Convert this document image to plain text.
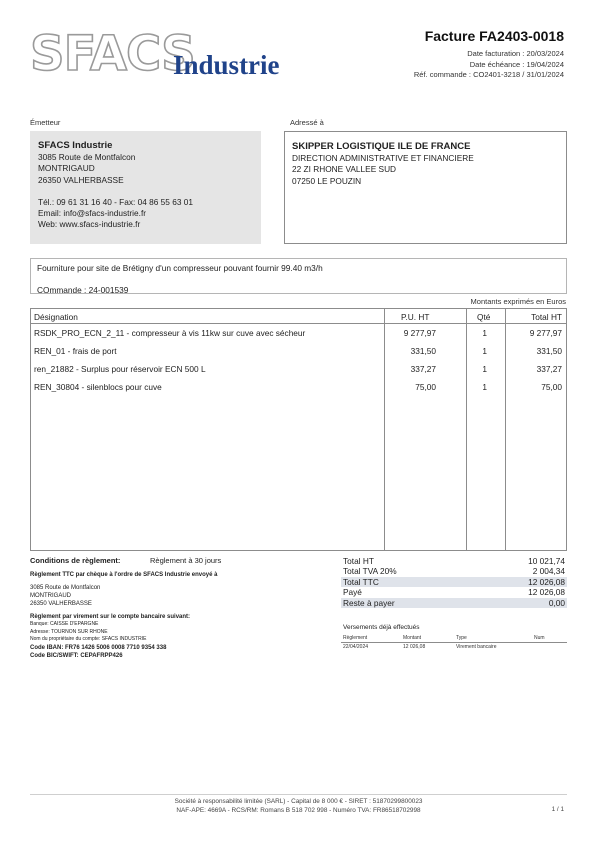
SFACS
Industrie
Facture FA2403-0018
Date facturation : 20/03/2024
Date échéance : 19/04/2024
Réf. commande : CO2401-3218 / 31/01/2024
Émetteur	Adressé à
SFACS Industrie
3085 Route de Montfalcon
MONTRIGAUD
26350 VALHERBASSE
Tél.: 09 61 31 16 40 - Fax: 04 86 55 63 01
Email: info@sfacs-industrie.fr
Web: www.sfacs-industrie.fr
SKIPPER LOGISTIQUE ILE DE FRANCE
DIRECTION ADMINISTRATIVE ET FINANCIERE
22 ZI RHONE VALLEE SUD
07250 LE POUZIN
Fourniture pour site de Brétigny d'un compresseur pouvant fournir 99.40 m3/h
COmmande : 24-001539
Montants exprimés en Euros
Désignation	P.U. HT	Qté	Total HT
RSDK_PRO_ECN_2_11 - compresseur à vis 11kw sur cuve avec sécheur	9 277,97	1	9 277,97
REN_01 - frais de port	331,50	1	331,50
ren_21882 - Surplus pour réservoir ECN 500 L	337,27	1	337,27
REN_30804 - silenblocs pour cuve	75,00	1	75,00
Conditions de règlement:	Règlement à 30 jours
Règlement TTC par chèque à l'ordre de SFACS Industrie envoyé à
3085 Route de Montfalcon
MONTRIGAUD
26350 VALHERBASSE
Règlement par virement sur le compte bancaire suivant:
Banque: CAISSE D'EPARGNE
Adresse: TOURNON SUR RHONE
Nom du propriétaire du compte: SFACS INDUSTRIE
Code IBAN: FR76 1426 5006 0008 7710 9354 338
Code BIC/SWIFT: CEPAFRPP426
Total HT	10 021,74
Total TVA 20%	2 004,34
Total TTC	12 026,08
Payé	12 026,08
Reste à payer	0,00
Versements déjà effectués
Règlement	Montant	Type	Num
22/04/2024	12 026,08	Virement bancaire
Société à responsabilité limitée (SARL) - Capital de 8 000 € - SIRET : 51870299800023
NAF-APE: 4669A - RCS/RM: Romans B 518 702 998 - Numéro TVA: FR86518702998	1 / 1
